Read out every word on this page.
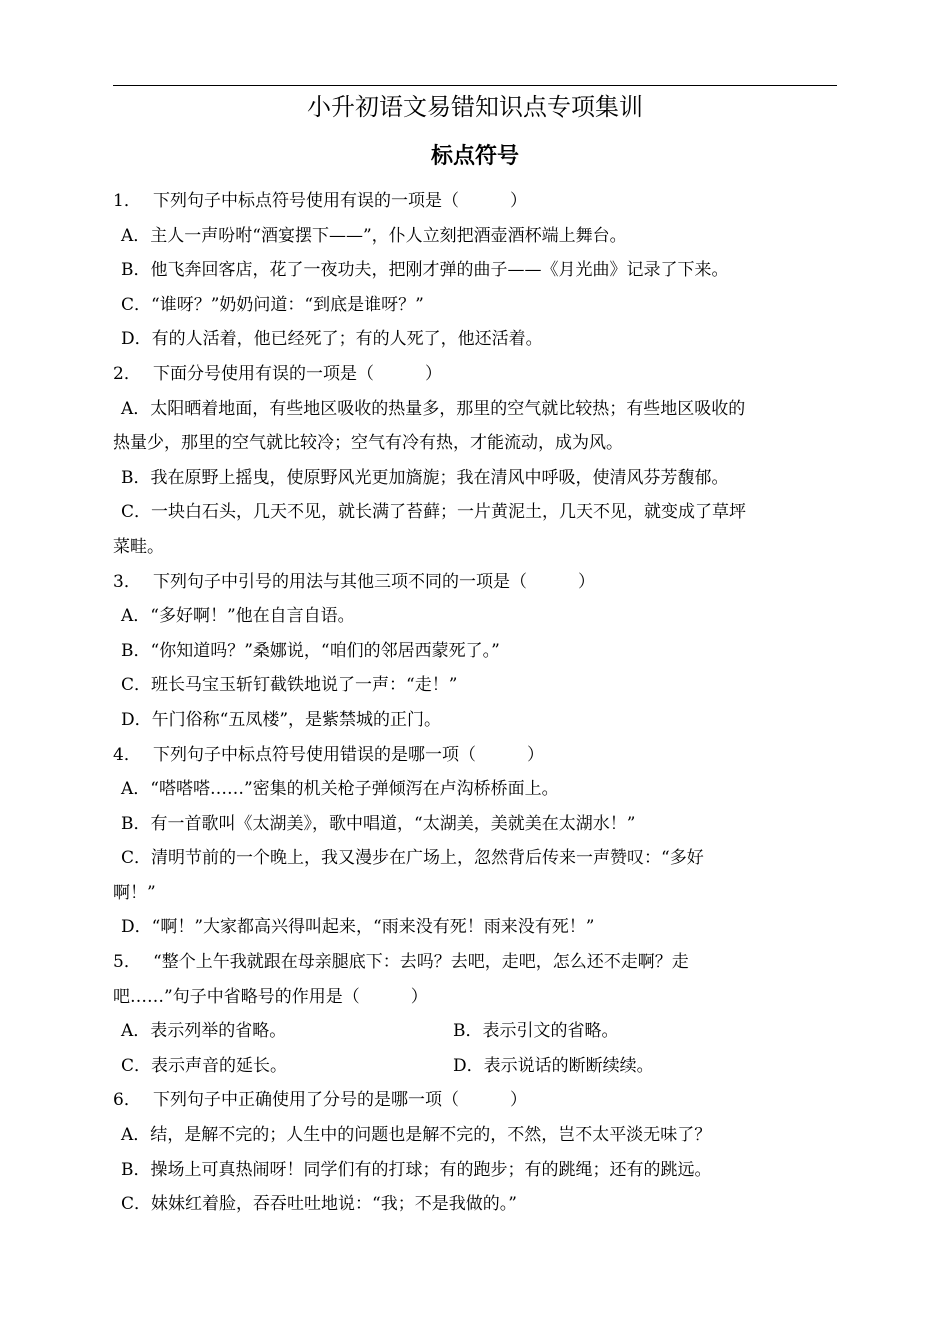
小升初语文易错知识点专项集训
标点符号
1． 下列句子中标点符号使用有误的一项是（　　　）
A．主人一声吩咐“酒宴摆下——”，仆人立刻把酒壶酒杯端上舞台。
B．他飞奔回客店，花了一夜功夫，把刚才弹的曲子——《月光曲》记录了下来。
C．“谁呀？”奶奶问道：“到底是谁呀？”
D．有的人活着，他已经死了；有的人死了，他还活着。
2． 下面分号使用有误的一项是（　　　）
A．太阳晒着地面，有些地区吸收的热量多，那里的空气就比较热；有些地区吸收的
热量少，那里的空气就比较冷；空气有冷有热，才能流动，成为风。
B．我在原野上摇曳，使原野风光更加旖旎；我在清风中呼吸，使清风芬芳馥郁。
C．一块白石头，几天不见，就长满了苔藓；一片黄泥土，几天不见，就变成了草坪
菜畦。
3． 下列句子中引号的用法与其他三项不同的一项是（　　　）
A．“多好啊！”他在自言自语。
B．“你知道吗？”桑娜说，“咱们的邻居西蒙死了。”
C．班长马宝玉斩钉截铁地说了一声：“走！”
D．午门俗称“五凤楼”，是紫禁城的正门。
4． 下列句子中标点符号使用错误的是哪一项（　　　）
A．“嗒嗒嗒……”密集的机关枪子弹倾泻在卢沟桥桥面上。
B．有一首歌叫《太湖美》，歌中唱道，“太湖美，美就美在太湖水！”
C．清明节前的一个晚上，我又漫步在广场上，忽然背后传来一声赞叹：“多好
啊！”
D．“啊！”大家都高兴得叫起来，“雨来没有死！雨来没有死！”
5． “整个上午我就跟在母亲腿底下：去吗？去吧，走吧，怎么还不走啊？走
吧……”句子中省略号的作用是（　　　）
A．表示列举的省略。	B．表示引文的省略。
C．表示声音的延长。	D．表示说话的断断续续。
6． 下列句子中正确使用了分号的是哪一项（　　　）
A．结，是解不完的；人生中的问题也是解不完的，不然，岂不太平淡无味了？
B．操场上可真热闹呀！同学们有的打球；有的跑步；有的跳绳；还有的跳远。
C．妹妹红着脸，吞吞吐吐地说：“我；不是我做的。”
